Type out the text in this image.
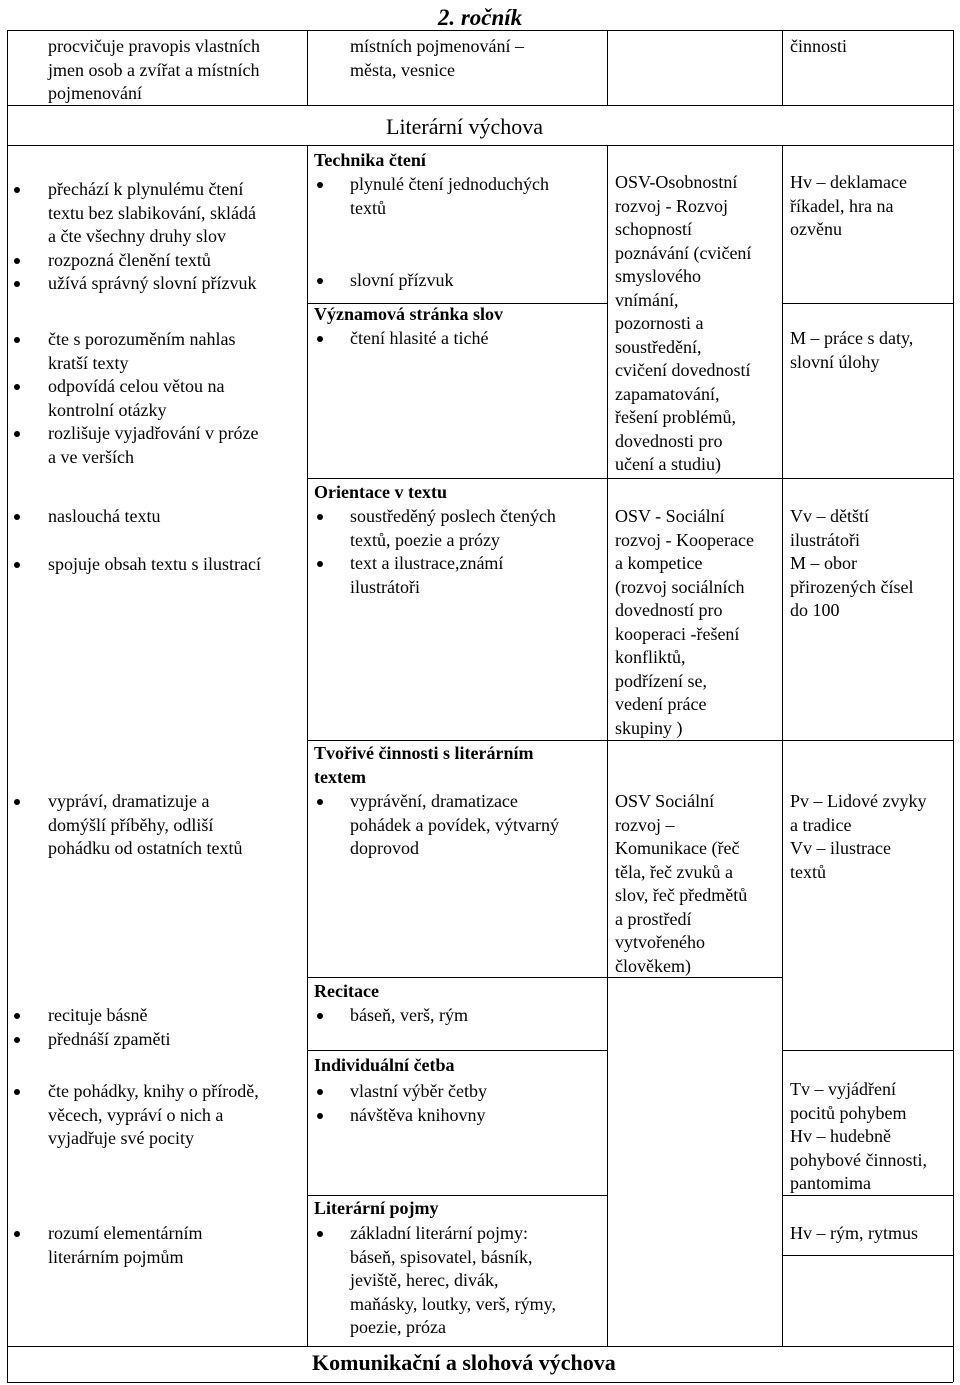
2. ročník
procvičuje pravopis vlastních
jmen osob a zvířat a místních
pojmenování
místních pojmenování –
města, vesnice
činnosti
Literární výchova
Komunikační a slohová výchova
přechází k plynulému čtení
textu bez slabikování, skládá
a čte všechny druhy slov
rozpozná členění textů
užívá správný slovní přízvuk
čte s porozuměním nahlas
kratší texty
odpovídá celou větou na
kontrolní otázky
rozlišuje vyjadřování v próze
a ve verších
naslouchá textu
spojuje obsah textu s ilustrací
vypráví, dramatizuje a
domýšlí příběhy, odliší
pohádku od ostatních textů
recituje básně
přednáší zpaměti
čte pohádky, knihy o přírodě,
věcech, vypráví o nich a
vyjadřuje své pocity
rozumí elementárním
literárním pojmům
Technika čtení
plynulé čtení jednoduchých
textů
slovní přízvuk
Významová stránka slov
čtení hlasité a tiché
Orientace v textu
soustředěný poslech čtených
textů, poezie a prózy
text a ilustrace,známí
ilustrátoři
Tvořivé činnosti s literárním
textem
vyprávění, dramatizace
pohádek a povídek, výtvarný
doprovod
Recitace
báseň, verš, rým
Individuální četba
vlastní výběr četby
návštěva knihovny
Literární pojmy
základní literární pojmy:
báseň, spisovatel, básník,
jeviště, herec, divák,
maňásky, loutky, verš, rýmy,
poezie, próza
OSV-Osobnostní
rozvoj - Rozvoj
schopností
poznávání (cvičení
smyslového
vnímání,
pozornosti a
soustředění,
cvičení dovedností
zapamatování,
řešení problémů,
dovednosti pro
učení a studiu)
OSV - Sociální
rozvoj - Kooperace
a kompetice
(rozvoj sociálních
dovedností pro
kooperaci -řešení
konfliktů,
podřízení se,
vedení práce
skupiny )
OSV Sociální
rozvoj –
Komunikace (řeč
těla, řeč zvuků a
slov, řeč předmětů
a prostředí
vytvořeného
člověkem)
Hv – deklamace
říkadel, hra na
ozvěnu
M – práce s daty,
slovní úlohy
Vv – dětští
ilustrátoři
M – obor
přirozených čísel
do 100
Pv – Lidové zvyky
a tradice
Vv – ilustrace
textů
Tv – vyjádření
pocitů pohybem
Hv – hudebně
pohybové činnosti,
pantomima
Hv – rým, rytmus
